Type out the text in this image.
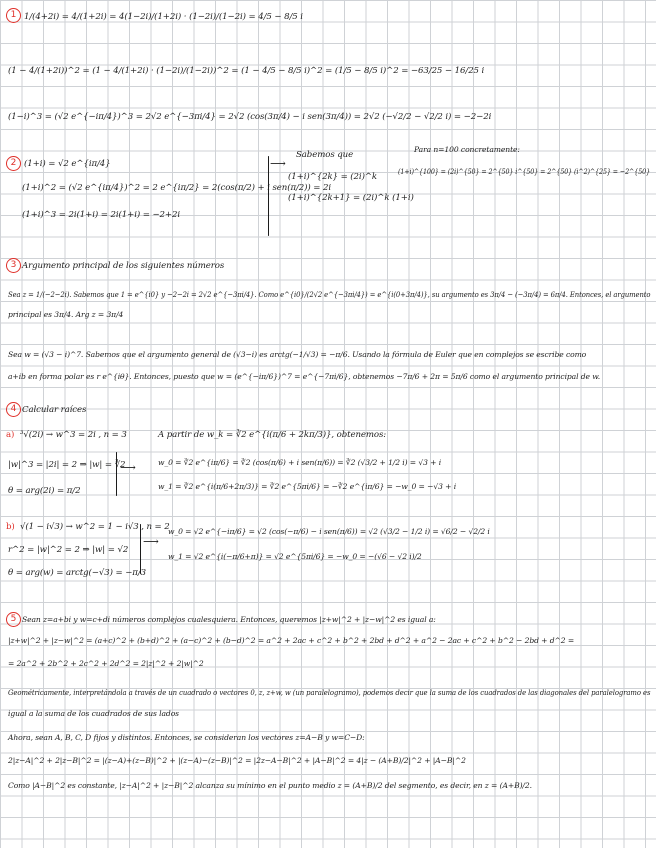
1 1/(4+2i) = 4/(1+2i) = 4(1−2i)/(1+2i) · (1−2i)/(1−2i) = 4/5 − 8/5 i
(1 − 4/(1+2i))^2 = (1 − 4/(1+2i) · (1−2i)/(1−2i))^2 = (1 − 4/5 − 8/5 i)^2 = (1/5 − 8/5 i)^2 = −63/25 − 16/25 i
(1−i)^3 = (√2 e^{−iπ/4})^3 = 2√2 e^{−3πi/4} = 2√2 (cos(3π/4) − i sen(3π/4)) = 2√2 (−√2/2 − √2/2 i) = −2−2i
2 (1+i) = √2 e^{iπ/4}
(1+i)^2 = (√2 e^{iπ/4})^2 = 2 e^{iπ/2} = 2(cos(π/2) + i sen(π/2)) = 2i
(1+i)^3 = 2i(1+i) = 2i(1+i) = −2+2i
⟶
Sabemos que
(1+i)^{2k} = (2i)^k
(1+i)^{2k+1} = (2i)^k (1+i)
Para n=100 concretamente:
(1+i)^{100} = (2i)^{50} = 2^{50} i^{50} = 2^{50} (i^2)^{25} = −2^{50}
3 Argumento principal de los siguientes números
Sea z = 1/(−2−2i). Sabemos que 1 = e^{i0} y −2−2i = 2√2 e^{−3πi/4}. Como e^{i0}/(2√2 e^{−3πi/4}) = e^{i(0+3π/4)}, su argumento es 3π/4 − (−3π/4) = 6π/4. Entonces, el argumento
principal es 3π/4. Arg z = 3π/4
Sea w = (√3 − i)^7. Sabemos que el argumento general de (√3−i) es arctg(−1/√3) = −π/6. Usando la fórmula de Euler que en complejos se escribe como
a+ib en forma polar es r e^{iθ}. Entonces, puesto que w = (e^{−iπ/6})^7 = e^{−7πi/6}, obtenemos −7π/6 + 2π = 5π/6 como el argumento principal de w.
4 Calcular raíces
a) ³√(2i) → w^3 = 2i , n = 3
|w|^3 = |2i| = 2 ⇒ |w| = ∛2
θ = arg(2i) = π/2
⟶
A partir de w_k = ∛2 e^{i(π/6 + 2kπ/3)}, obtenemos:
w_0 = ∛2 e^{iπ/6} = ∛2 (cos(π/6) + i sen(π/6)) = ∛2 (√3/2 + 1/2 i) = √3 + i
w_1 = ∛2 e^{i(π/6+2π/3)} = ∛2 e^{5πi/6} = −∛2 e^{iπ/6} = −w_0 = −√3 + i
b) √(1 − i√3) → w^2 = 1 − i√3 , n = 2
r^2 = |w|^2 = 2 ⇒ |w| = √2
θ = arg(w) = arctg(−√3) = −π/3
⟶
w_0 = √2 e^{−iπ/6} = √2 (cos(−π/6) − i sen(π/6)) = √2 (√3/2 − 1/2 i) = √6/2 − √2/2 i
w_1 = √2 e^{i(−π/6+π)} = √2 e^{5πi/6} = −w_0 = −(√6 − √2 i)/2
5 Sean z=a+bi y w=c+di números complejos cualesquiera. Entonces, queremos |z+w|^2 + |z−w|^2 es igual a:
|z+w|^2 + |z−w|^2 = (a+c)^2 + (b+d)^2 + (a−c)^2 + (b−d)^2 = a^2 + 2ac + c^2 + b^2 + 2bd + d^2 + a^2 − 2ac + c^2 + b^2 − 2bd + d^2 =
= 2a^2 + 2b^2 + 2c^2 + 2d^2 = 2|z|^2 + 2|w|^2
Geométricamente, interpretándola a través de un cuadrado o vectores 0, z, z+w, w (un paralelogramo), podemos decir que la suma de los cuadrados de las diagonales del paralelogramo es
igual a la suma de los cuadrados de sus lados
Ahora, sean A, B, C, D fijos y distintos. Entonces, se consideran los vectores z=A−B y w=C−D:
2|z−A|^2 + 2|z−B|^2 = |(z−A)+(z−B)|^2 + |(z−A)−(z−B)|^2 = |2z−A−B|^2 + |A−B|^2 = 4|z − (A+B)/2|^2 + |A−B|^2
Como |A−B|^2 es constante, |z−A|^2 + |z−B|^2 alcanza su mínimo en el punto medio z = (A+B)/2 del segmento, es decir, en z = (A+B)/2.
